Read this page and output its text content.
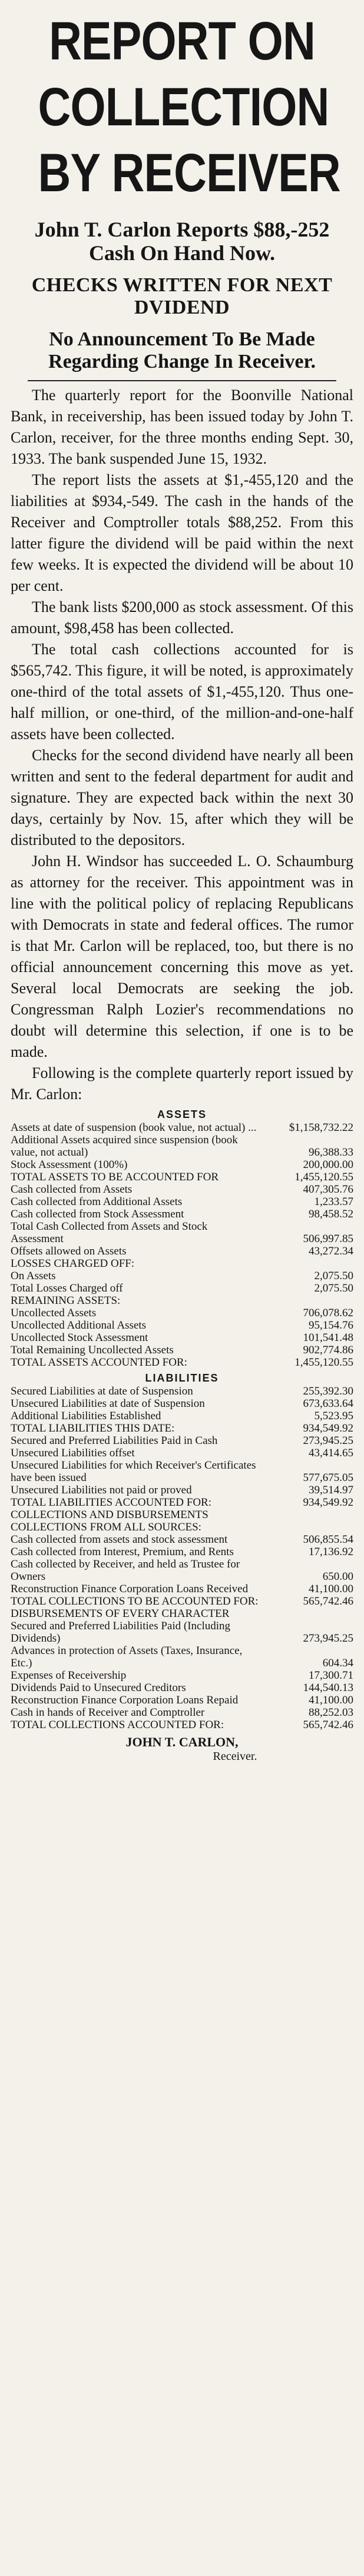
REPORT ON
COLLECTION
BY RECEIVER
John T. Carlon Reports $88,-252 Cash On Hand Now.
CHECKS WRITTEN FOR NEXT DVIDEND
No Announcement To Be Made Regarding Change In Receiver.

The quarterly report for the Boonville National Bank, in receivership, has been issued today by John T. Carlon, receiver, for the three months ending Sept. 30, 1933. The bank suspended June 15, 1932.

The report lists the assets at $1,-455,120 and the liabilities at $934,-549. The cash in the hands of the Receiver and Comptroller totals $88,252. From this latter figure the dividend will be paid within the next few weeks. It is expected the dividend will be about 10 per cent.

The bank lists $200,000 as stock assessment. Of this amount, $98,458 has been collected.

The total cash collections accounted for is $565,742. This figure, it will be noted, is approximately one-third of the total assets of $1,-455,120. Thus one-half million, or one-third, of the million-and-one-half assets have been collected.

Checks for the second dividend have nearly all been written and sent to the federal department for audit and signature. They are expected back within the next 30 days, certainly by Nov. 15, after which they will be distributed to the depositors.

John H. Windsor has succeeded L. O. Schaumburg as attorney for the receiver. This appointment was in line with the political policy of replacing Republicans with Democrats in state and federal offices. The rumor is that Mr. Carlon will be replaced, too, but there is no official announcement concerning this move as yet. Several local Democrats are seeking the job. Congressman Ralph Lozier's recommendations no doubt will determine this selection, if one is to be made.

Following is the complete quarterly report issued by Mr. Carlon:

ASSETS
Assets at date of suspension (book value, not actual) ...	$1,158,732.22
Additional Assets acquired since suspension (book value, not actual)	96,388.33
Stock Assessment (100%)	200,000.00
TOTAL ASSETS TO BE ACCOUNTED FOR	1,455,120.55
Cash collected from Assets	407,305.76
Cash collected from Additional Assets	1,233.57
Cash collected from Stock Assessment	98,458.52
Total Cash Collected from Assets and Stock Assessment	506,997.85
Offsets allowed on Assets	43,272.34
LOSSES CHARGED OFF:
On Assets	2,075.50
Total Losses Charged off	2,075.50
REMAINING ASSETS:
Uncollected Assets	706,078.62
Uncollected Additional Assets	95,154.76
Uncollected Stock Assessment	101,541.48
Total Remaining Uncollected Assets	902,774.86
TOTAL ASSETS ACCOUNTED FOR:	1,455,120.55
LIABILITIES
Secured Liabilities at date of Suspension	255,392.30
Unsecured Liabilities at date of Suspension	673,633.64
Additional Liabilities Established	5,523.95
TOTAL LIABILITIES THIS DATE:	934,549.92
Secured and Preferred Liabilities Paid in Cash	273,945.25
Unsecured Liabilities offset	43,414.65
Unsecured Liabilities for which Receiver's Certificates have been issued	577,675.05
Unsecured Liabilities not paid or proved	39,514.97
TOTAL LIABILITIES ACCOUNTED FOR:	934,549.92
COLLECTIONS AND DISBURSEMENTS COLLECTIONS FROM ALL SOURCES:
Cash collected from assets and stock assessment	506,855.54
Cash collected from Interest, Premium, and Rents	17,136.92
Cash collected by Receiver, and held as Trustee for Owners	650.00
Reconstruction Finance Corporation Loans Received	41,100.00
TOTAL COLLECTIONS TO BE ACCOUNTED FOR:	565,742.46
DISBURSEMENTS OF EVERY CHARACTER
Secured and Preferred Liabilities Paid (Including Dividends)	273,945.25
Advances in protection of Assets (Taxes, Insurance, Etc.)	604.34
Expenses of Receivership	17,300.71
Dividends Paid to Unsecured Creditors	144,540.13
Reconstruction Finance Corporation Loans Repaid	41,100.00
Cash in hands of Receiver and Comptroller	88,252.03
TOTAL COLLECTIONS ACCOUNTED FOR:	565,742.46
JOHN T. CARLON,
Receiver.
